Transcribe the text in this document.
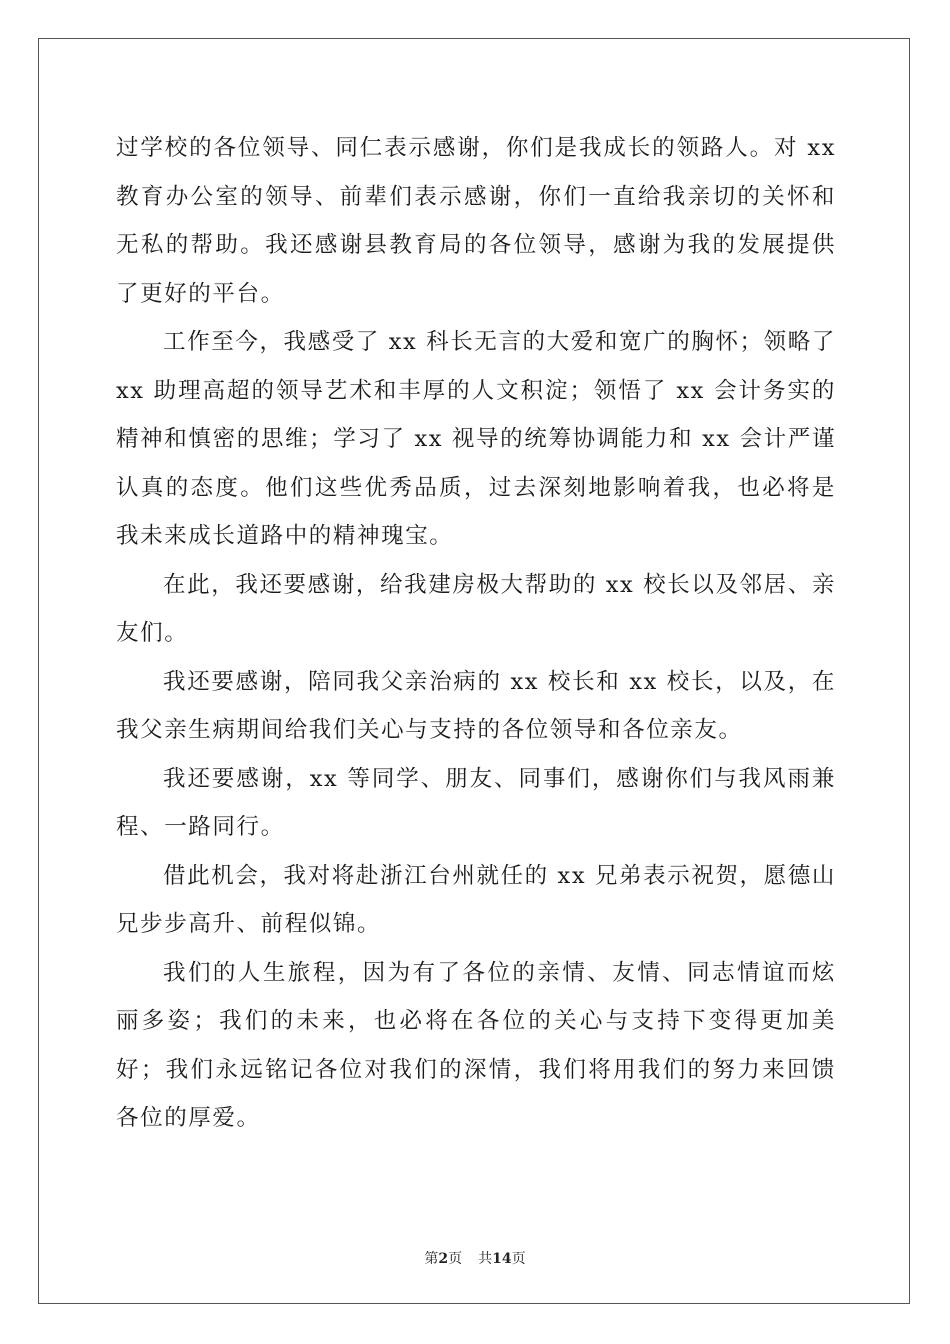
过学校的各位领导、同仁表示感谢，你们是我成长的领路人。对 xx 教育办公室的领导、前辈们表示感谢，你们一直给我亲切的关怀和无私的帮助。我还感谢县教育局的各位领导，感谢为我的发展提供了更好的平台。

工作至今，我感受了 xx 科长无言的大爱和宽广的胸怀；领略了 xx 助理高超的领导艺术和丰厚的人文积淀；领悟了 xx 会计务实的精神和慎密的思维；学习了 xx 视导的统筹协调能力和 xx 会计严谨认真的态度。他们这些优秀品质，过去深刻地影响着我，也必将是我未来成长道路中的精神瑰宝。

在此，我还要感谢，给我建房极大帮助的 xx 校长以及邻居、亲友们。

我还要感谢，陪同我父亲治病的 xx 校长和 xx 校长，以及，在我父亲生病期间给我们关心与支持的各位领导和各位亲友。

我还要感谢，xx 等同学、朋友、同事们，感谢你们与我风雨兼程、一路同行。

借此机会，我对将赴浙江台州就任的 xx 兄弟表示祝贺，愿德山兄步步高升、前程似锦。

我们的人生旅程，因为有了各位的亲情、友情、同志情谊而炫丽多姿；我们的未来，也必将在各位的关心与支持下变得更加美好；我们永远铭记各位对我们的深情，我们将用我们的努力来回馈各位的厚爱。

第2页 共14页
